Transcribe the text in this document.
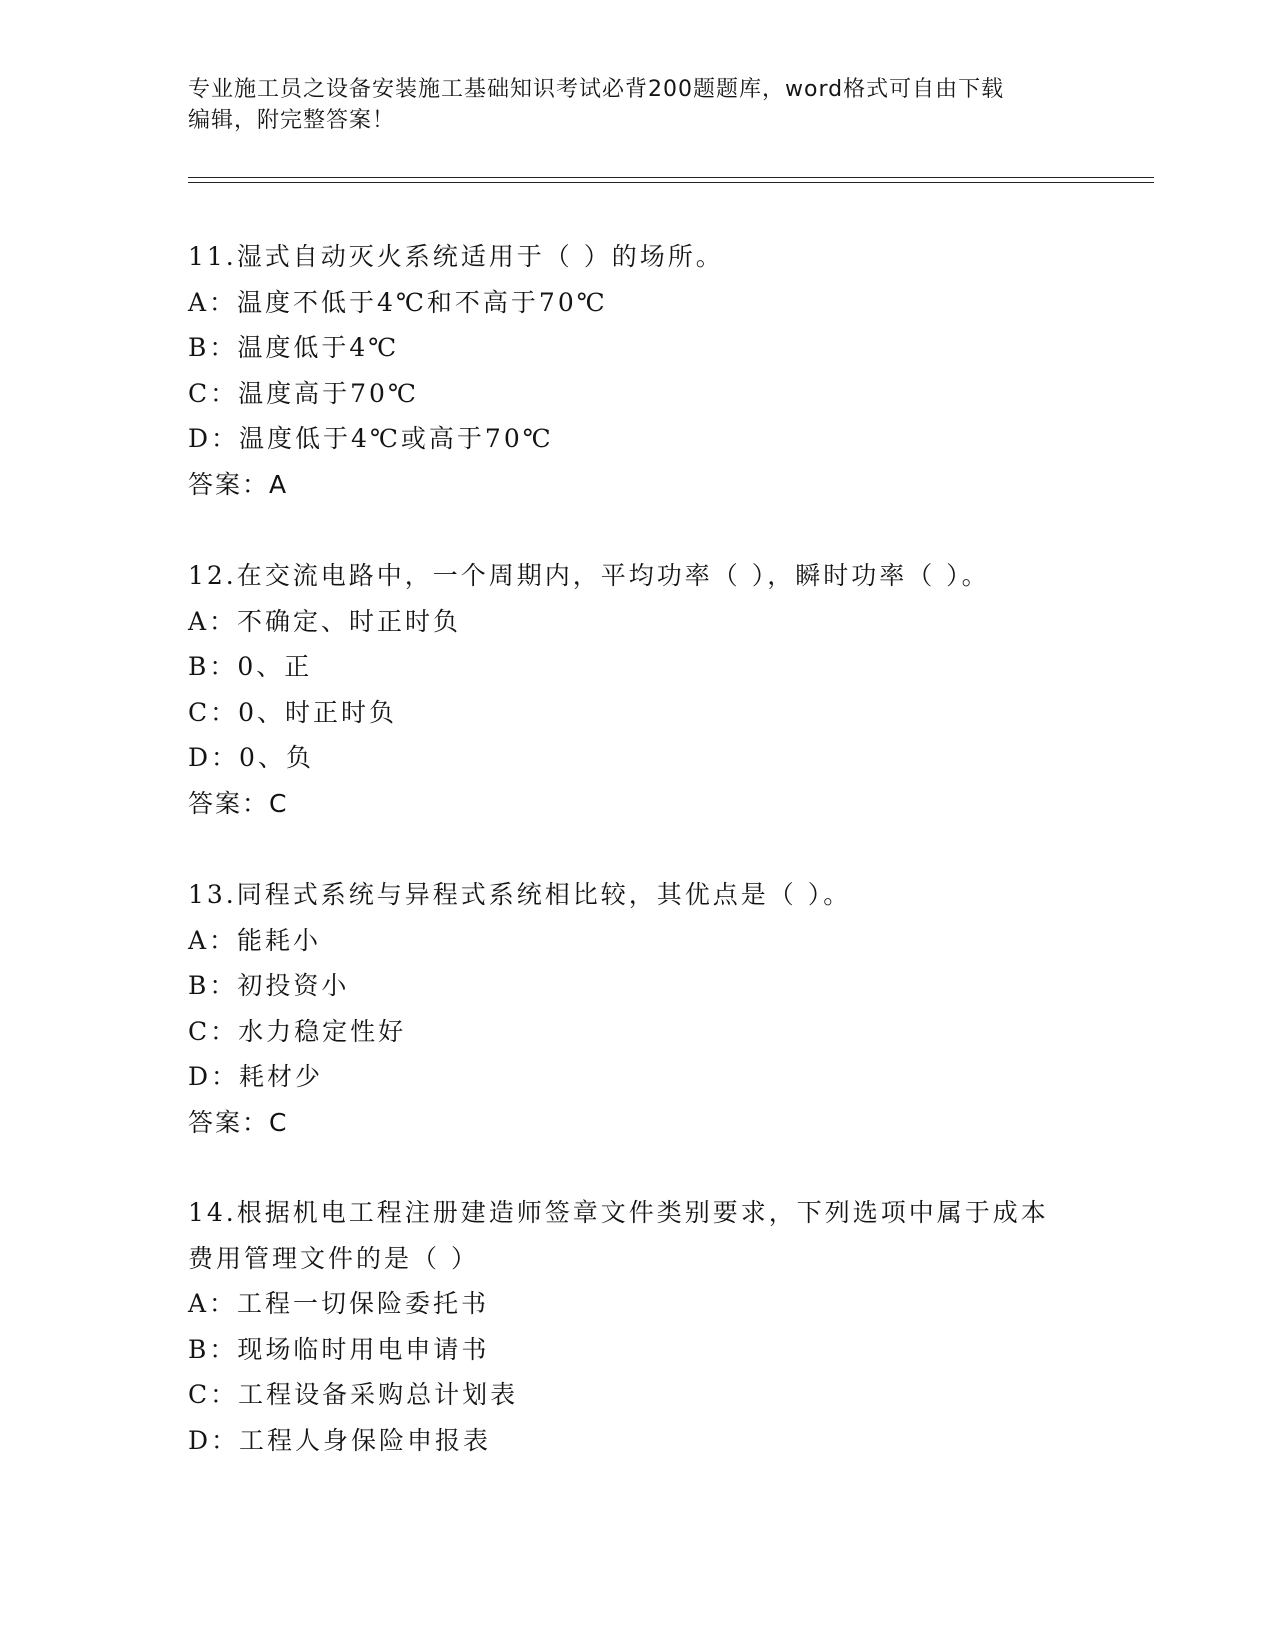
专业施工员之设备安装施工基础知识考试必背200题题库，word格式可自由下载
编辑，附完整答案！
11.湿式自动灭火系统适用于（ ）的场所。
A：温度不低于4℃和不高于70℃
B：温度低于4℃
C：温度高于70℃
D：温度低于4℃或高于70℃
答案：A
12.在交流电路中，一个周期内，平均功率（ ），瞬时功率（ ）。
A：不确定、时正时负
B：0、正
C：0、时正时负
D：0、负
答案：C
13.同程式系统与异程式系统相比较，其优点是（ ）。
A：能耗小
B：初投资小
C：水力稳定性好
D：耗材少
答案：C
14.根据机电工程注册建造师签章文件类别要求，下列选项中属于成本
费用管理文件的是（ ）
A：工程一切保险委托书
B：现场临时用电申请书
C：工程设备采购总计划表
D：工程人身保险申报表
